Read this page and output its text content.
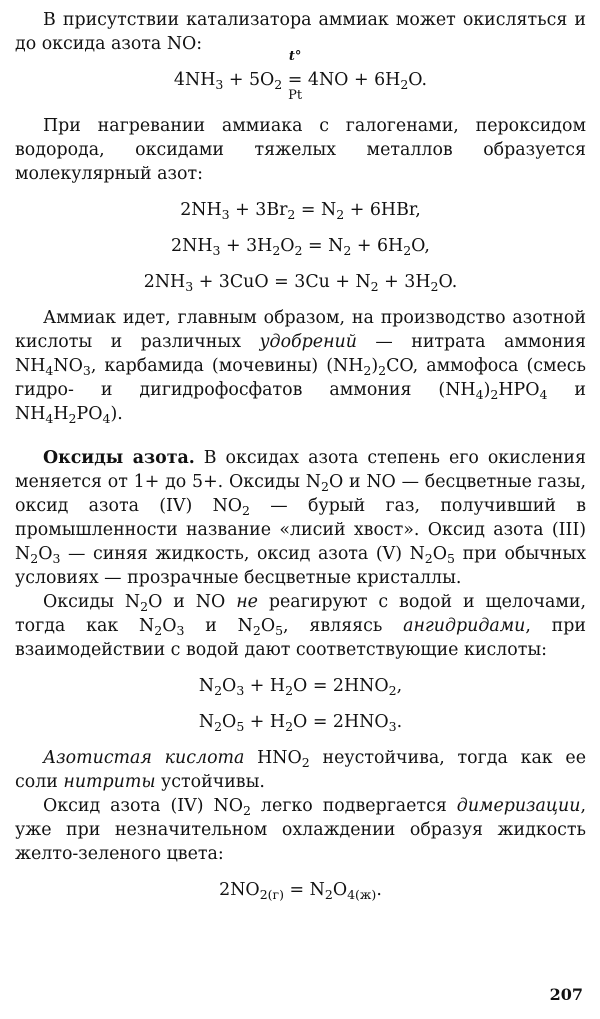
В присутствии катализатора аммиак может окисляться и до оксида азота NO:

$4NH_3 + 5O_2$
t°
=
Pt
$4NO + 6H_2O$.

При нагревании аммиака с галогенами, пероксидом водорода, оксидами тяжелых металлов образуется молекулярный азот:

$2NH_3 + 3Br_2 = N_2 + 6HBr$,

$2NH_3 + 3H_2O_2 = N_2 + 6H_2O$,

$2NH_3 + 3CuO = 3Cu + N_2 + 3H_2O$.

Аммиак идет, главным образом, на производство азотной кислоты и различных удобрений — нитрата аммония $NH_4NO_3$, карбамида (мочевины) $(NH_2)_2CO$, аммофоса (смесь гидро- и дигидрофосфатов аммония $(NH_4)_2HPO_4$ и $NH_4H_2PO_4$).

Оксиды азота. В оксидах азота степень его окисления меняется от 1+ до 5+. Оксиды $N_2O$ и NO — бесцветные газы, оксид азота (IV) $NO_2$ — бурый газ, получивший в промышленности название «лисий хвост». Оксид азота (III) $N_2O_3$ — синяя жидкость, оксид азота (V) $N_2O_5$ при обычных условиях — прозрачные бесцветные кристаллы.

Оксиды $N_2O$ и NO не реагируют с водой и щелочами, тогда как $N_2O_3$ и $N_2O_5$, являясь ангидридами, при взаимодействии с водой дают соответствующие кислоты:

$N_2O_3 + H_2O = 2HNO_2$,

$N_2O_5 + H_2O = 2HNO_3$.

Азотистая кислота $HNO_2$ неустойчива, тогда как ее соли нитриты устойчивы.

Оксид азота (IV) $NO_2$ легко подвергается димеризации, уже при незначительном охлаждении образуя жидкость желто-зеленого цвета:

$2NO_{2(г)} = N_2O_{4(ж)}$.

207
